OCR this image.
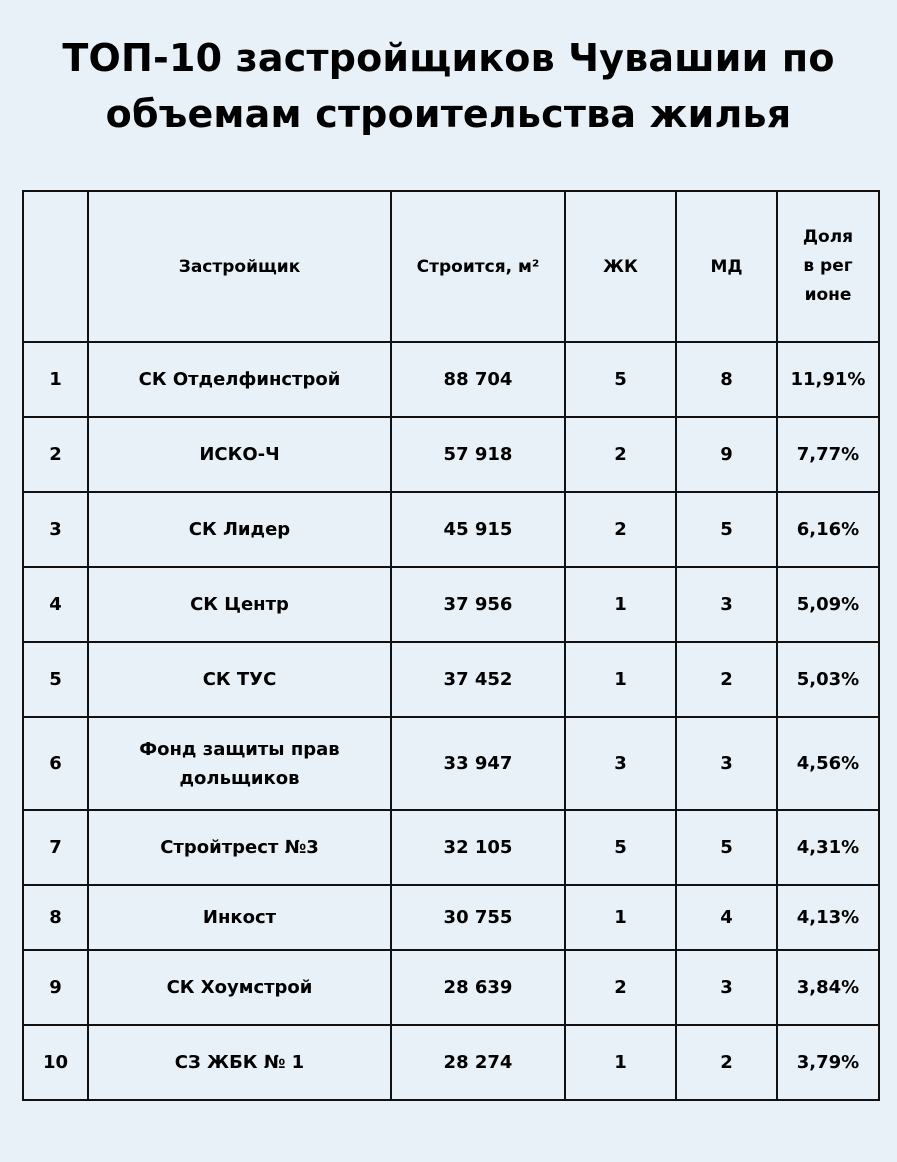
ТОП-10 застройщиков Чувашии по объемам строительства жилья
	Застройщик	Строится, м²	ЖК	МД	Доля в регионе
1	СК Отделфинстрой	88 704	5	8	11,91%
2	ИСКО-Ч	57 918	2	9	7,77%
3	СК Лидер	45 915	2	5	6,16%
4	СК Центр	37 956	1	3	5,09%
5	СК ТУС	37 452	1	2	5,03%
6	Фонд защиты прав дольщиков	33 947	3	3	4,56%
7	Стройтрест №3	32 105	5	5	4,31%
8	Инкост	30 755	1	4	4,13%
9	СК Хоумстрой	28 639	2	3	3,84%
10	СЗ ЖБК № 1	28 274	1	2	3,79%
